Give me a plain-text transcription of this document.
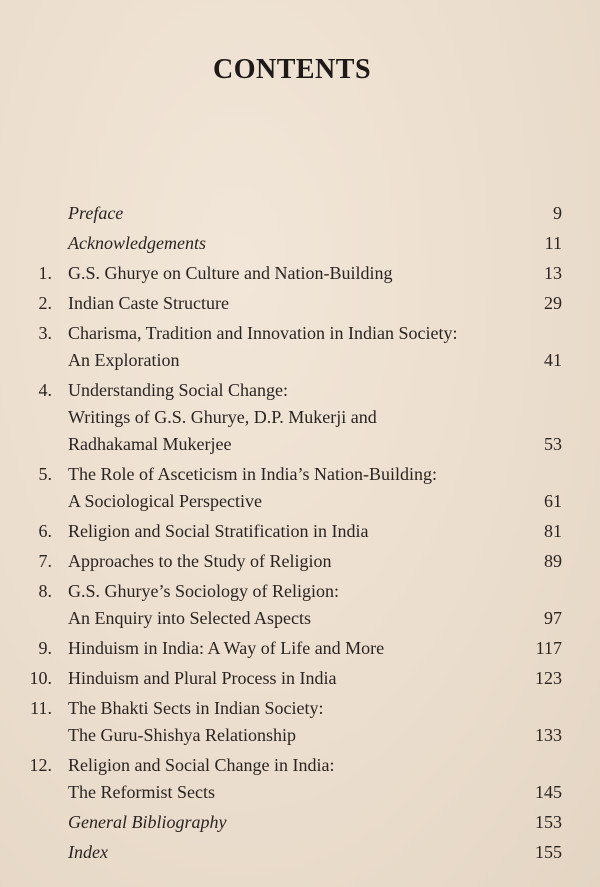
CONTENTS
Preface	9
Acknowledgements	11
1. G.S. Ghurye on Culture and Nation-Building	13
2. Indian Caste Structure	29
3. Charisma, Tradition and Innovation in Indian Society:
An Exploration	41
4. Understanding Social Change:
Writings of G.S. Ghurye, D.P. Mukerji and
Radhakamal Mukerjee	53
5. The Role of Asceticism in India’s Nation-Building:
A Sociological Perspective	61
6. Religion and Social Stratification in India	81
7. Approaches to the Study of Religion	89
8. G.S. Ghurye’s Sociology of Religion:
An Enquiry into Selected Aspects	97
9. Hinduism in India: A Way of Life and More	117
10. Hinduism and Plural Process in India	123
11. The Bhakti Sects in Indian Society:
The Guru-Shishya Relationship	133
12. Religion and Social Change in India:
The Reformist Sects	145
General Bibliography	153
Index	155
